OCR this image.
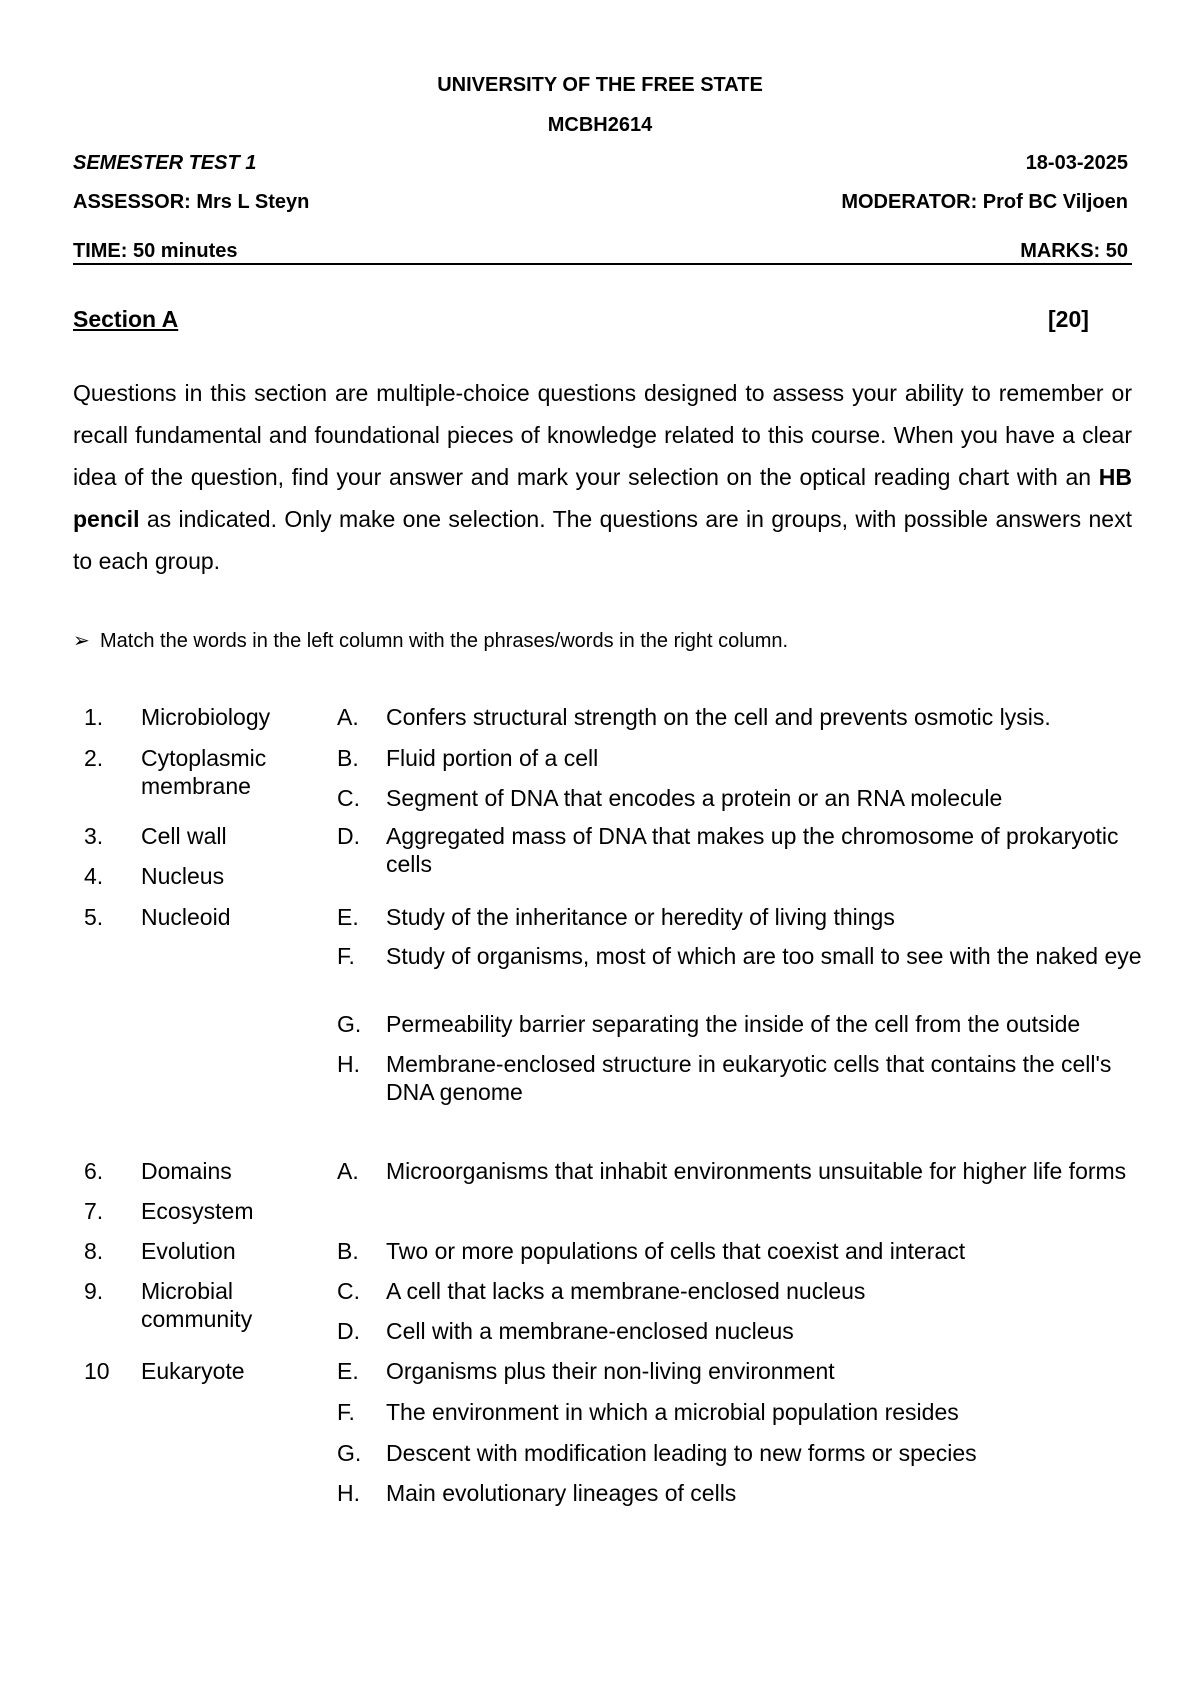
UNIVERSITY OF THE FREE STATE
MCBH2614
SEMESTER TEST 1	18-03-2025
ASSESSOR: Mrs L Steyn	MODERATOR: Prof BC Viljoen
TIME: 50 minutes	MARKS: 50
Section A	[20]
Questions in this section are multiple-choice questions designed to assess your ability to remember or recall fundamental and foundational pieces of knowledge related to this course. When you have a clear idea of the question, find your answer and mark your selection on the optical reading chart with an HB pencil as indicated. Only make one selection. The questions are in groups, with possible answers next to each group.
➢ Match the words in the left column with the phrases/words in the right column.
1. Microbiology
2. Cytoplasmic membrane
3. Cell wall
4. Nucleus
5. Nucleoid
A. Confers structural strength on the cell and prevents osmotic lysis.
B. Fluid portion of a cell
C. Segment of DNA that encodes a protein or an RNA molecule
D. Aggregated mass of DNA that makes up the chromosome of prokaryotic cells
E. Study of the inheritance or heredity of living things
F. Study of organisms, most of which are too small to see with the naked eye
G. Permeability barrier separating the inside of the cell from the outside
H. Membrane-enclosed structure in eukaryotic cells that contains the cell's DNA genome
6. Domains
7. Ecosystem
8. Evolution
9. Microbial community
10 Eukaryote
A. Microorganisms that inhabit environments unsuitable for higher life forms
B. Two or more populations of cells that coexist and interact
C. A cell that lacks a membrane-enclosed nucleus
D. Cell with a membrane-enclosed nucleus
E. Organisms plus their non-living environment
F. The environment in which a microbial population resides
G. Descent with modification leading to new forms or species
H. Main evolutionary lineages of cells
